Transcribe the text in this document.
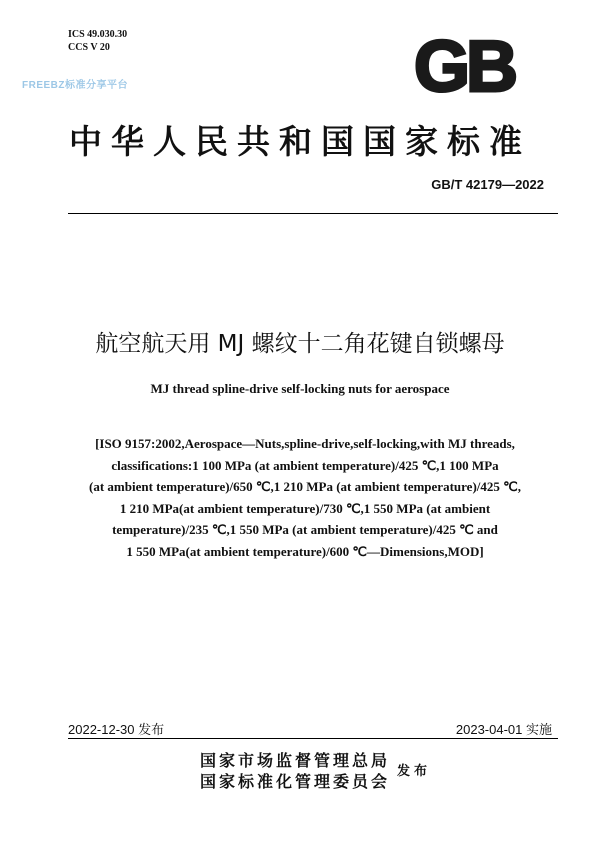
ICS 49.030.30
CCS V 20
FREEBZ标准分享平台	GB
中华人民共和国国家标准
GB/T 42179—2022
航空航天用 MJ 螺纹十二角花键自锁螺母
MJ thread spline-drive self-locking nuts for aerospace
[ISO 9157:2002,Aerospace—Nuts,spline-drive,self-locking,with MJ threads,
classifications:1 100 MPa (at ambient temperature)/425 ℃,1 100 MPa
(at ambient temperature)/650 ℃,1 210 MPa (at ambient temperature)/425 ℃,
1 210 MPa(at ambient temperature)/730 ℃,1 550 MPa (at ambient
temperature)/235 ℃,1 550 MPa (at ambient temperature)/425 ℃ and
1 550 MPa(at ambient temperature)/600 ℃—Dimensions,MOD]
2022-12-30 发布	2023-04-01 实施
国家市场监督管理总局
国家标准化管理委员会
发布
